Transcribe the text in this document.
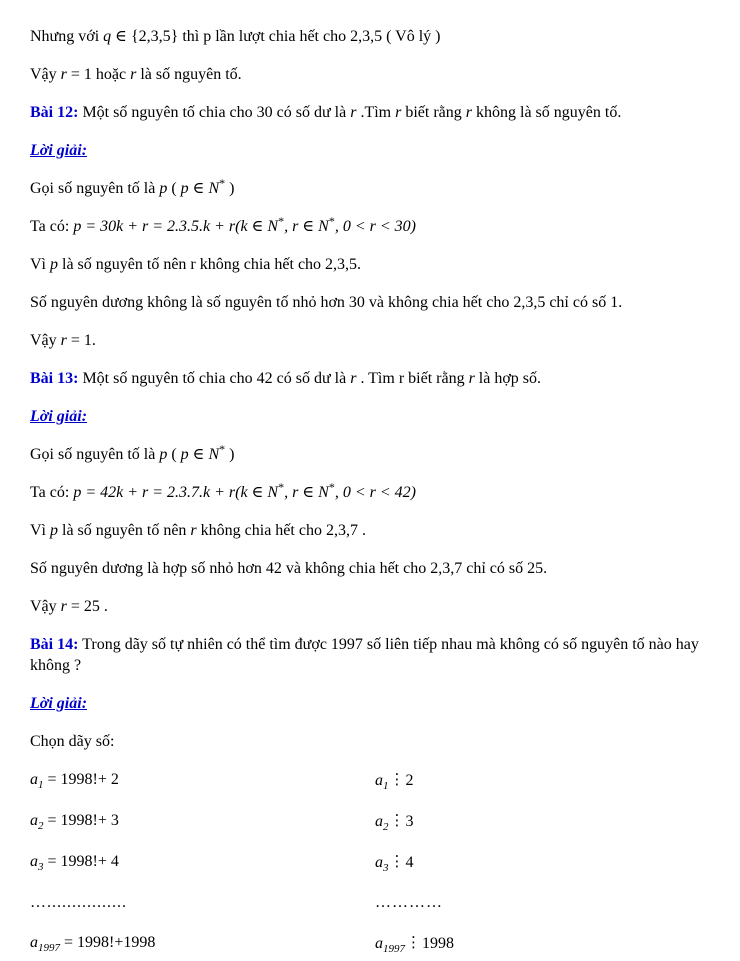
Nhưng với q ∈ {2,3,5} thì p lần lượt chia hết cho 2,3,5 ( Vô lý )

Vậy r = 1 hoặc r là số nguyên tố.

Bài 12: Một số nguyên tố chia cho 30 có số dư là r .Tìm r biết rằng r không là số nguyên tố.

Lời giải:

Gọi số nguyên tố là p ( p ∈ N* )

Ta có: p = 30k + r = 2.3.5.k + r(k ∈ N*, r ∈ N*, 0 < r < 30)

Vì p là số nguyên tố nên r không chia hết cho 2,3,5.

Số nguyên dương không là số nguyên tố nhỏ hơn 30 và không chia hết cho 2,3,5 chỉ có số 1.

Vậy r = 1.

Bài 13: Một số nguyên tố chia cho 42 có số dư là r . Tìm r biết rằng r là hợp số.

Lời giải:

Gọi số nguyên tố là p ( p ∈ N* )

Ta có: p = 42k + r = 2.3.7.k + r(k ∈ N*, r ∈ N*, 0 < r < 42)

Vì p là số nguyên tố nên r không chia hết cho 2,3,7 .

Số nguyên dương là hợp số nhỏ hơn 42 và không chia hết cho 2,3,7 chỉ có số 25.

Vậy r = 25 .

Bài 14: Trong dãy số tự nhiên có thể tìm được 1997 số liên tiếp nhau mà không có số nguyên tố nào hay không ?

Lời giải:

Chọn dãy số:

$a_1 = 1998!+ 2$	$a_1⋮2$
$a_2 = 1998!+ 3$	$a_2⋮3$
$a_3 = 1998!+ 4$	$a_3⋮4$
…................	…………
$a_{1997} = 1998!+1998$	$a_{1997}⋮1998$
